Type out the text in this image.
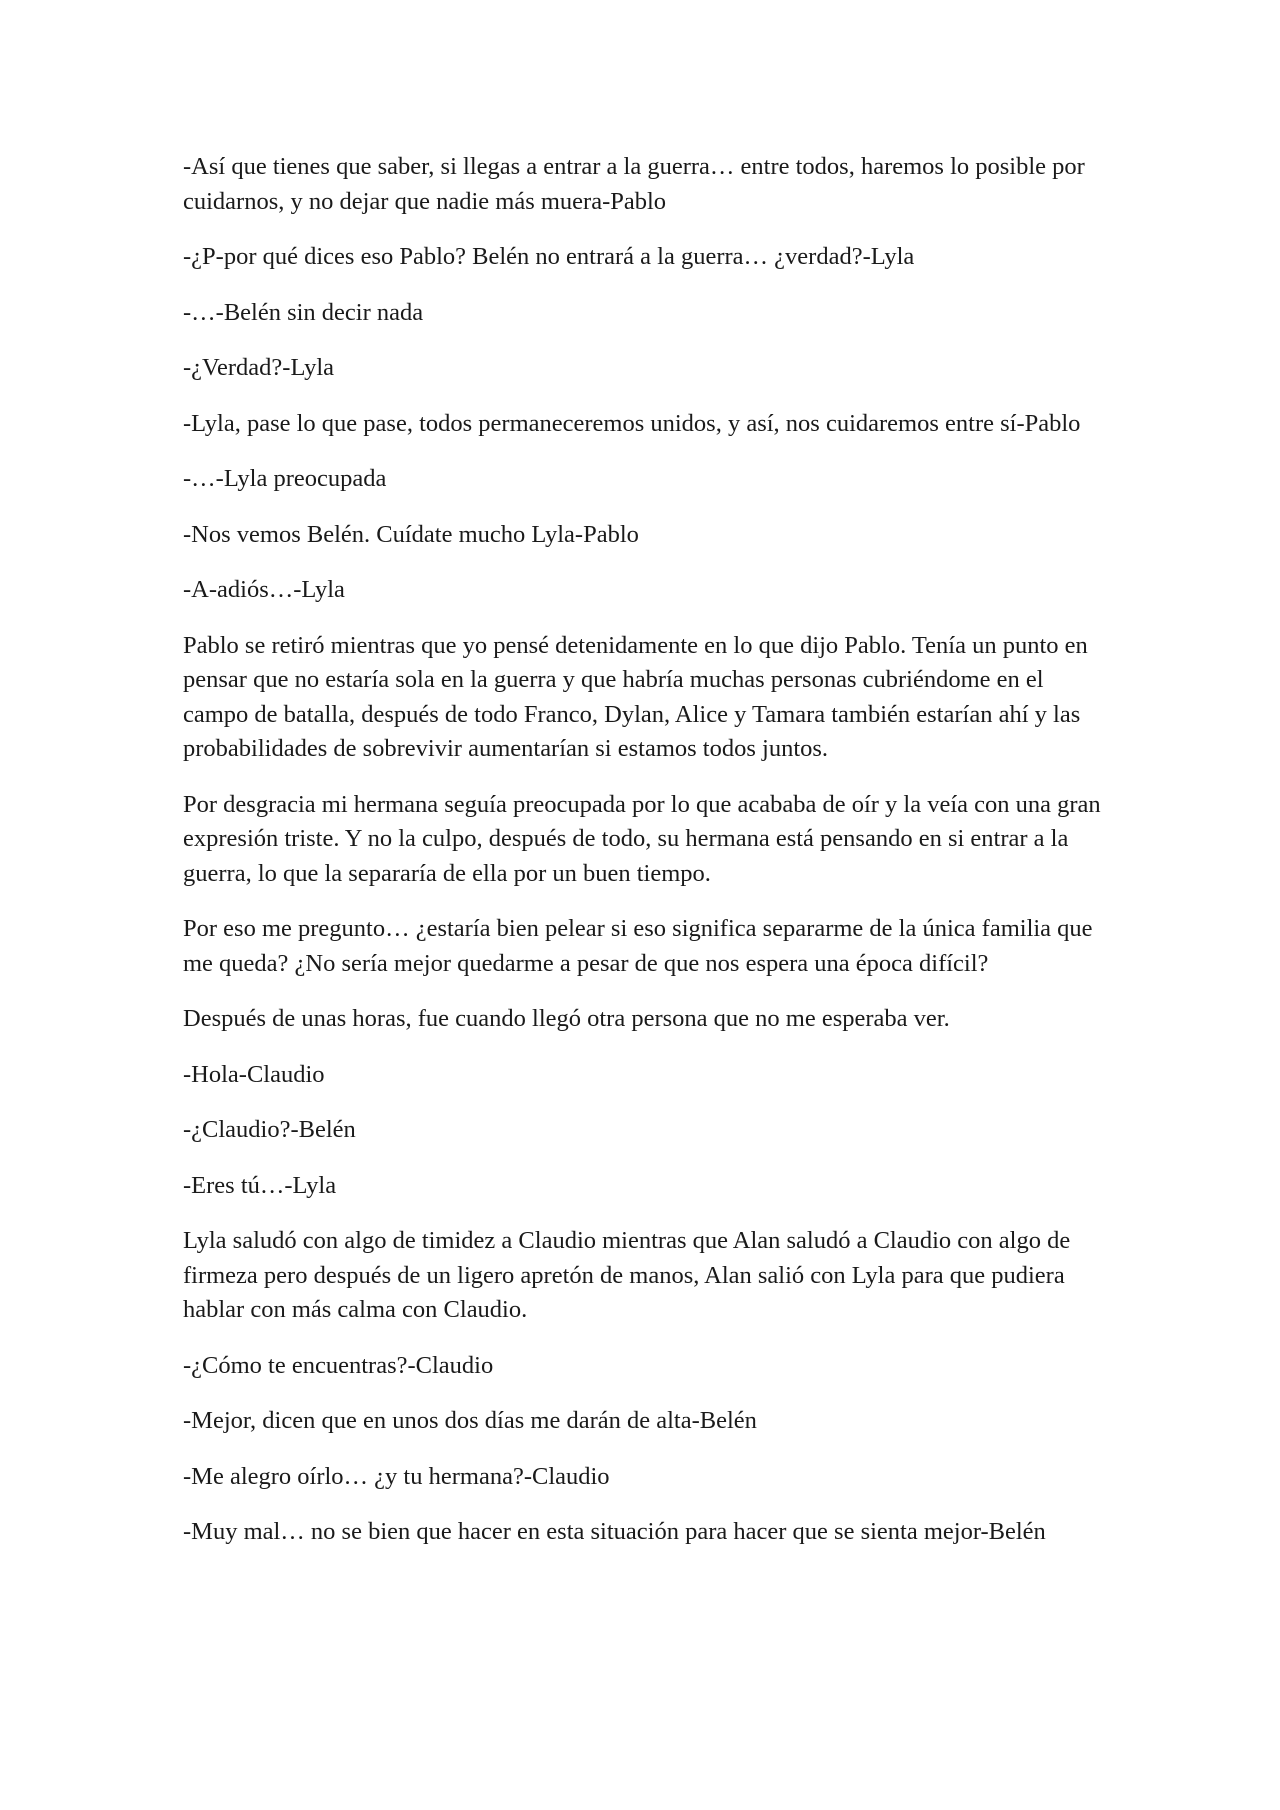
-Así que tienes que saber, si llegas a entrar a la guerra… entre todos, haremos lo posible por cuidarnos, y no dejar que nadie más muera-Pablo

-¿P-por qué dices eso Pablo? Belén no entrará a la guerra… ¿verdad?-Lyla

-…-Belén sin decir nada

-¿Verdad?-Lyla

-Lyla, pase lo que pase, todos permaneceremos unidos, y así, nos cuidaremos entre sí-Pablo

-…-Lyla preocupada

-Nos vemos Belén. Cuídate mucho Lyla-Pablo

-A-adiós…-Lyla

Pablo se retiró mientras que yo pensé detenidamente en lo que dijo Pablo. Tenía un punto en pensar que no estaría sola en la guerra y que habría muchas personas cubriéndome en el campo de batalla, después de todo Franco, Dylan, Alice y Tamara también estarían ahí y las probabilidades de sobrevivir aumentarían si estamos todos juntos.

Por desgracia mi hermana seguía preocupada por lo que acababa de oír y la veía con una gran expresión triste. Y no la culpo, después de todo, su hermana está pensando en si entrar a la guerra, lo que la separaría de ella por un buen tiempo.

Por eso me pregunto… ¿estaría bien pelear si eso significa separarme de la única familia que me queda? ¿No sería mejor quedarme a pesar de que nos espera una época difícil?

Después de unas horas, fue cuando llegó otra persona que no me esperaba ver.

-Hola-Claudio

-¿Claudio?-Belén

-Eres tú…-Lyla

Lyla saludó con algo de timidez a Claudio mientras que Alan saludó a Claudio con algo de firmeza pero después de un ligero apretón de manos, Alan salió con Lyla para que pudiera hablar con más calma con Claudio.

-¿Cómo te encuentras?-Claudio

-Mejor, dicen que en unos dos días me darán de alta-Belén

-Me alegro oírlo… ¿y tu hermana?-Claudio

-Muy mal… no se bien que hacer en esta situación para hacer que se sienta mejor-Belén
